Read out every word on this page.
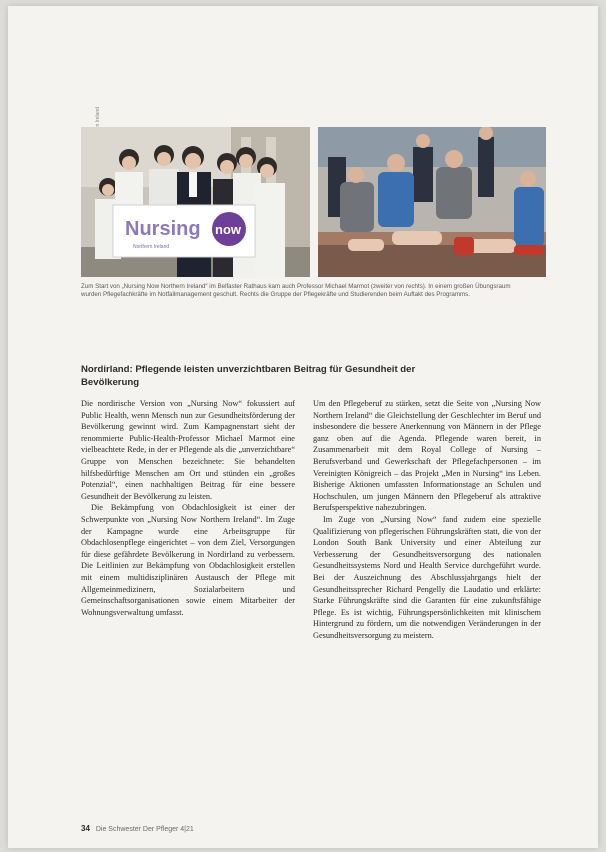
Nursing now
Northern Ireland
Zum Start von „Nursing Now Northern Ireland“ im Belfaster Rathaus kam auch Professor Michael Marmot (zweiter von rechts). In einem großen Übungsraum wurden Pflegefachkräfte im Notfallmanagement geschult. Rechts die Gruppe der Pflegekräfte und Studierenden beim Auftakt des Programms.
Nordirland: Pflegende leisten unverzichtbaren Beitrag für Gesundheit der Bevölkerung

Die nordirische Version von „Nursing Now“ fokussiert auf Public Health, wenn Mensch nun zur Gesundheitsförderung der Bevölkerung gewinnt wird. Zum Kampagnenstart sieht der renommierte Public-Health-Professor Michael Marmot eine vielbeachtete Rede, in der er Pflegende als die „unverzichtbare“ Gruppe von Menschen bezeichnete: Sie behandelten hilfsbedürftige Menschen am Ort und stünden ein „großes Potenzial“, einen nachhaltigen Beitrag für eine bessere Gesundheit der Bevölkerung zu leisten.

Die Bekämpfung von Obdachlosigkeit ist einer der Schwerpunkte von „Nursing Now Northern Ireland“. Im Zuge der Kampagne wurde eine Arbeitsgruppe für Obdachlosenpflege eingerichtet – von dem Ziel, Versorgungen für diese gefährdete Bevölkerung in Nordirland zu verbessern. Die Leitlinien zur Bekämpfung von Obdachlosigkeit erstellen mit einem multidisziplinären Austausch der Pflege mit Allgemeinmedizinern, Sozialarbeitern und Gemeinschaftsorganisationen sowie einem Mitarbeiter der Wohnungsverwaltung umfasst.

Um den Pflegeberuf zu stärken, setzt die Seite von „Nursing Now Northern Ireland“ die Gleichstellung der Geschlechter im Beruf und insbesondere die bessere Anerkennung von Männern in der Pflege ganz oben auf die Agenda. Pflegende waren bereit, in Zusammenarbeit mit dem Royal College of Nursing – Berufsverband und Gewerkschaft der Pflegefachpersonen – im Vereinigten Königreich – das Projekt „Men in Nursing“ ins Leben. Bisherige Aktionen umfassten Informationstage an Schulen und Hochschulen, um jungen Männern den Pflegeberuf als attraktive Berufsperspektive nahezubringen.

Im Zuge von „Nursing Now“ fand zudem eine spezielle Qualifizierung von pflegerischen Führungskräften statt, die von der London South Bank University und einer Abteilung zur Verbesserung der Gesundheitsversorgung des nationalen Gesundheitssystems Nord und Health Service durchgeführt wurde. Bei der Auszeichnung des Abschlussjahrgangs hielt der Gesundheitssprecher Richard Pengelly die Laudatio und erklärte: Starke Führungskräfte sind die Garanten für eine zukunftsfähige Pflege. Es ist wichtig, Führungspersönlichkeiten mit klinischem Hintergrund zu fördern, um die notwendigen Veränderungen in der Gesundheitsversorgung zu meistern.

34 Die Schwester Der Pfleger 4|21
